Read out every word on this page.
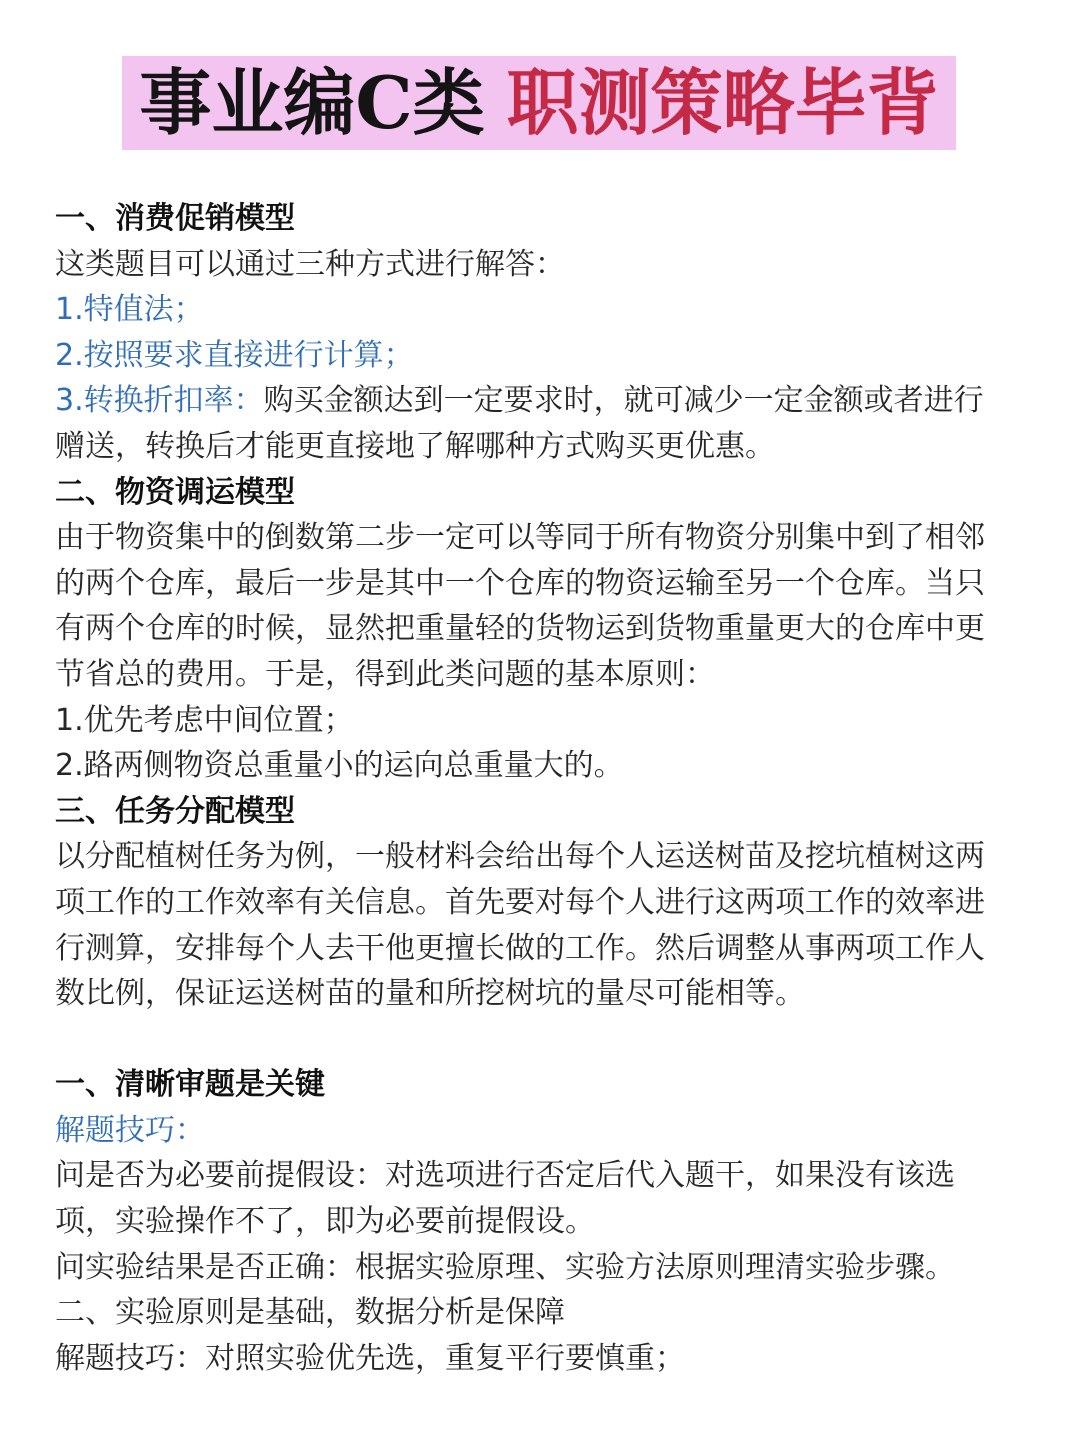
事业编C类 职测策略毕背
一、消费促销模型
这类题目可以通过三种方式进行解答：
1.特值法；
2.按照要求直接进行计算；
3.转换折扣率：购买金额达到一定要求时，就可减少一定金额或者进行
赠送，转换后才能更直接地了解哪种方式购买更优惠。
二、物资调运模型
由于物资集中的倒数第二步一定可以等同于所有物资分别集中到了相邻
的两个仓库，最后一步是其中一个仓库的物资运输至另一个仓库。当只
有两个仓库的时候，显然把重量轻的货物运到货物重量更大的仓库中更
节省总的费用。于是，得到此类问题的基本原则：
1.优先考虑中间位置；
2.路两侧物资总重量小的运向总重量大的。
三、任务分配模型
以分配植树任务为例，一般材料会给出每个人运送树苗及挖坑植树这两
项工作的工作效率有关信息。首先要对每个人进行这两项工作的效率进
行测算，安排每个人去干他更擅长做的工作。然后调整从事两项工作人
数比例，保证运送树苗的量和所挖树坑的量尽可能相等。
一、清晰审题是关键
解题技巧：
问是否为必要前提假设：对选项进行否定后代入题干，如果没有该选
项，实验操作不了，即为必要前提假设。
问实验结果是否正确：根据实验原理、实验方法原则理清实验步骤。
二、实验原则是基础，数据分析是保障
解题技巧：对照实验优先选，重复平行要慎重；
